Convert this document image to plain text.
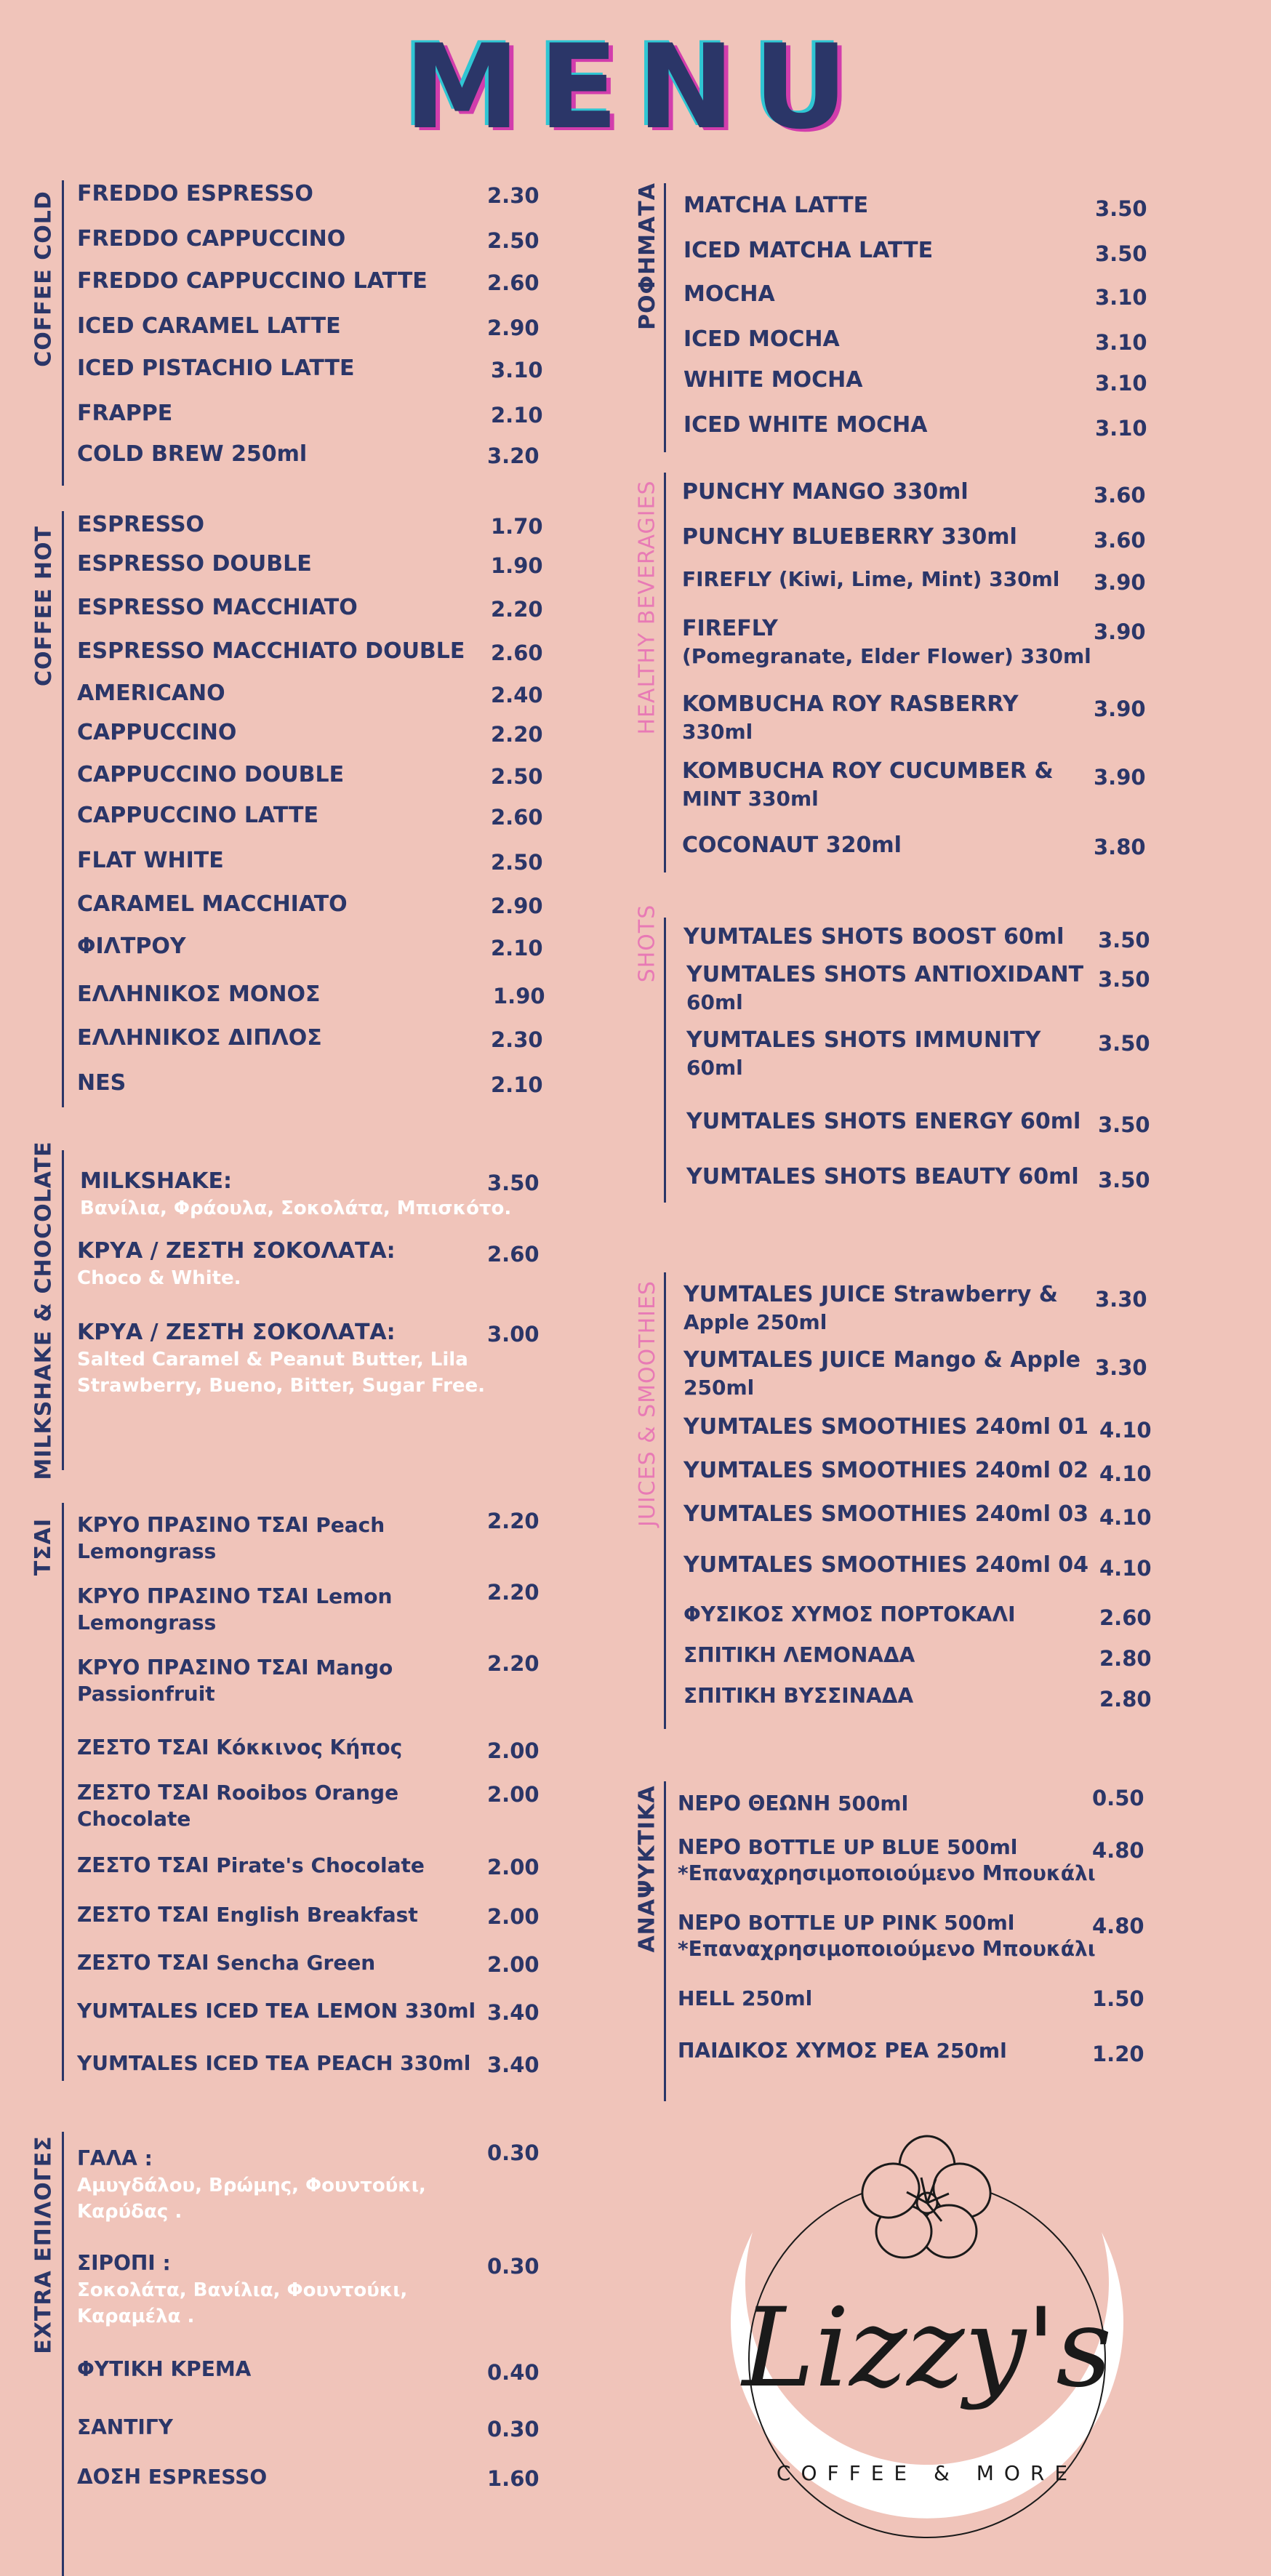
MENU
COFFEE COLD FREDDO ESPRESSO	2.30
FREDDO CAPPUCCINO	2.50
FREDDO CAPPUCCINO LATTE	2.60
ICED CARAMEL LATTE	2.90
ICED PISTACHIO LATTE	3.10
FRAPPE	2.10
COLD BREW 250ml	3.20
COFFEE HOT
ESPRESSO	1.70
ESPRESSO DOUBLE	1.90
ESPRESSO MACCHIATO	2.20
ESPRESSO MACCHIATO DOUBLE 2.60
AMERICANO	2.40
CAPPUCCINO	2.20
CAPPUCCINO DOUBLE	2.50
CAPPUCCINO LATTE	2.60
FLAT WHITE	2.50
CARAMEL MACCHIATO	2.90
ΦΙΛΤΡΟΥ	2.10
ΕΛΛΗΝΙΚΟΣ ΜΟΝΟΣ	1.90
ΕΛΛΗΝΙΚΟΣ ΔΙΠΛΟΣ	2.30
NES	2.10
MILKSHAKE & CHOCOLATE MILKSHAKE:
Βανίλια, Φράουλα, Σοκολάτα, Μπισκότο.
3.50
ΚΡΥΑ / ΖΕΣΤΗ ΣΟΚΟΛΑΤΑ:
Choco & White.
2.60
ΚΡΥΑ / ΖΕΣΤΗ ΣΟΚΟΛΑΤΑ:
Salted Caramel & Peanut Butter, Lila
Strawberry, Bueno, Bitter, Sugar Free.
3.00
ΤΣΑΙ ΚΡΥΟ ΠΡΑΣΙΝΟ ΤΣΑΙ Peach
Lemongrass
2.20
ΚΡΥΟ ΠΡΑΣΙΝΟ ΤΣΑΙ Lemon
Lemongrass
2.20
ΚΡΥΟ ΠΡΑΣΙΝΟ ΤΣΑΙ Mango
Passionfruit
2.20
ΖΕΣΤΟ ΤΣΑΙ Κόκκινος Κήπος	2.00
ΖΕΣΤΟ ΤΣΑΙ Rooibos Orange
Chocolate
2.00
ΖΕΣΤΟ ΤΣΑΙ Pirate's Chocolate	2.00
ΖΕΣΤΟ ΤΣΑΙ English Breakfast	2.00
ΖΕΣΤΟ ΤΣΑΙ Sencha Green	2.00
YUMTALES ICED TEA LEMON 330ml 3.40
YUMTALES ICED TEA PEACH 330ml 3.40
EXTRA ΕΠΙΛΟΓΕΣ ΓΑΛΑ :
Αμυγδάλου, Βρώμης, Φουντούκι,
Καρύδας .
0.30
ΣΙΡΟΠΙ :
Σοκολάτα, Βανίλια, Φουντούκι,
Καραμέλα .
0.30
ΦΥΤΙΚΗ ΚΡΕΜΑ	0.40
ΣΑΝΤΙΓΥ	0.30
ΔΟΣΗ ESPRESSO	1.60
ΡΟΦΗΜΑΤΑ MATCHA LATTE	3.50
ICED MATCHA LATTE	3.50
MOCHA	3.10
ICED MOCHA	3.10
WHITE MOCHA	3.10
ICED WHITE MOCHA	3.10
HEALTHY BEVERAGIES PUNCHY MANGO 330ml	3.60
PUNCHY BLUEBERRY 330ml	3.60
FIREFLY (Kiwi, Lime, Mint) 330ml 3.90
FIREFLY
(Pomegranate, Elder Flower) 330ml
3.90
KOMBUCHA ROY RASBERRY
330ml
3.90
KOMBUCHA ROY CUCUMBER &
MINT 330ml
3.90
COCONAUT 320ml	3.80
SHOTS YUMTALES SHOTS BOOST 60ml 3.50
YUMTALES SHOTS ANTIOXIDANT
60ml
3.50
YUMTALES SHOTS IMMUNITY
60ml
3.50
YUMTALES SHOTS ENERGY 60ml 3.50
YUMTALES SHOTS BEAUTY 60ml 3.50
JUICES & SMOOTHIES YUMTALES JUICE Strawberry &
Apple 250ml
3.30
YUMTALES JUICE Mango & Apple
250ml
3.30
YUMTALES SMOOTHIES 240ml 01 4.10
YUMTALES SMOOTHIES 240ml 02 4.10
YUMTALES SMOOTHIES 240ml 03 4.10
YUMTALES SMOOTHIES 240ml 04 4.10
ΦΥΣΙΚΟΣ ΧΥΜΟΣ ΠΟΡΤΟΚΑΛΙ	2.60
ΣΠΙΤΙΚΗ ΛΕΜΟΝΑΔΑ	2.80
ΣΠΙΤΙΚΗ ΒΥΣΣΙΝΑΔΑ	2.80
ΑΝΑΨΥΚΤΙΚΑ ΝΕΡΟ ΘΕΩΝΗ 500ml	0.50
ΝΕΡΟ BOTTLE UP BLUE 500ml
*Επαναχρησιμοποιούμενο Μπουκάλι
4.80
ΝΕΡΟ BOTTLE UP PINK 500ml
*Επαναχρησιμοποιούμενο Μπουκάλι
4.80
HELL 250ml	1.50
ΠΑΙΔΙΚΟΣ ΧΥΜΟΣ ΡΕΑ 250ml	1.20
Lizzy's
COFFEE & MORE
